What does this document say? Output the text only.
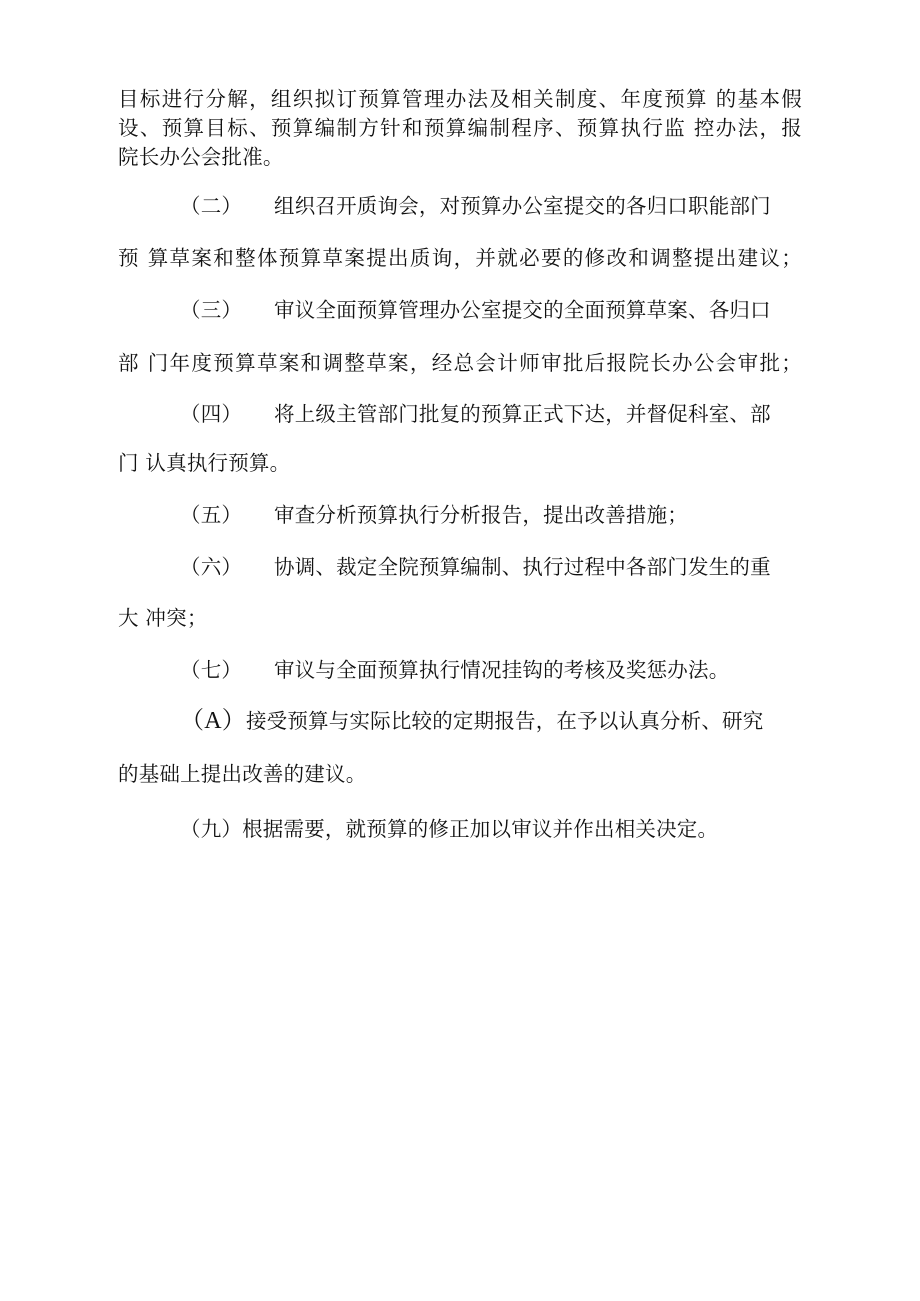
目标进行分解，组织拟订预算管理办法及相关制度、年度预算 的基本假
设、预算目标、预算编制方针和预算编制程序、预算执行监 控办法，报
院长办公会批准。
（二） 组织召开质询会，对预算办公室提交的各归口职能部门
预 算草案和整体预算草案提出质询，并就必要的修改和调整提出建议；
（三） 审议全面预算管理办公室提交的全面预算草案、各归口
部 门年度预算草案和调整草案，经总会计师审批后报院长办公会审批；
（四） 将上级主管部门批复的预算正式下达，并督促科室、部
门 认真执行预算。
（五） 审查分析预算执行分析报告，提出改善措施；
（六） 协调、裁定全院预算编制、执行过程中各部门发生的重
大 冲突；
（七） 审议与全面预算执行情况挂钩的考核及奖惩办法。
（A）接受预算与实际比较的定期报告，在予以认真分析、研究
的基础上提出改善的建议。
（九）根据需要，就预算的修正加以审议并作出相关决定。
